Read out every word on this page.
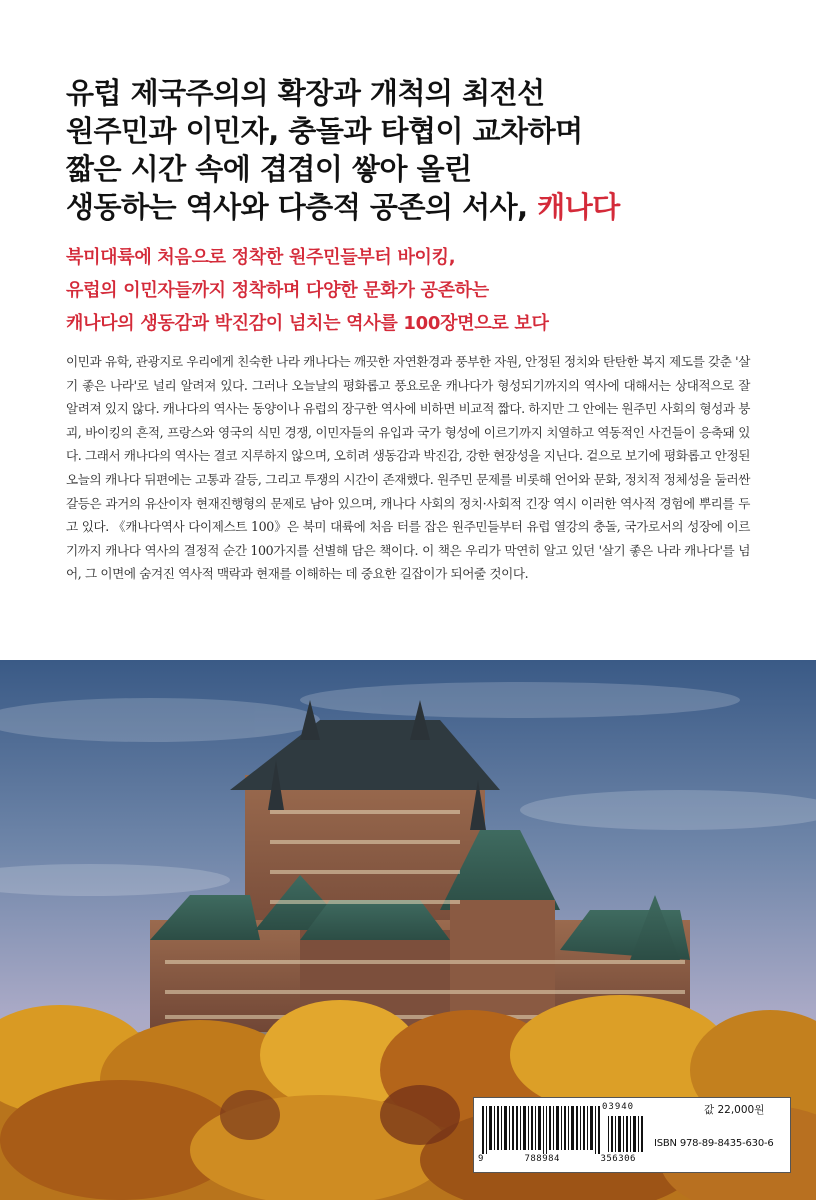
유럽 제국주의의 확장과 개척의 최전선
원주민과 이민자, 충돌과 타협이 교차하며
짧은 시간 속에 겹겹이 쌓아 올린
생동하는 역사와 다층적 공존의 서사, 캐나다
북미대륙에 처음으로 정착한 원주민들부터 바이킹,
유럽의 이민자들까지 정착하며 다양한 문화가 공존하는
캐나다의 생동감과 박진감이 넘치는 역사를 100장면으로 보다
이민과 유학, 관광지로 우리에게 친숙한 나라 캐나다는 깨끗한 자연환경과 풍부한 자원, 안정된 정치와 탄탄한 복지 제도를 갖춘 '살기 좋은 나라'로 널리 알려져 있다. 그러나 오늘날의 평화롭고 풍요로운 캐나다가 형성되기까지의 역사에 대해서는 상대적으로 잘 알려져 있지 않다. 캐나다의 역사는 동양이나 유럽의 장구한 역사에 비하면 비교적 짧다. 하지만 그 안에는 원주민 사회의 형성과 붕괴, 바이킹의 흔적, 프랑스와 영국의 식민 경쟁, 이민자들의 유입과 국가 형성에 이르기까지 치열하고 역동적인 사건들이 응축돼 있다. 그래서 캐나다의 역사는 결코 지루하지 않으며, 오히려 생동감과 박진감, 강한 현장성을 지닌다. 겉으로 보기에 평화롭고 안정된 오늘의 캐나다 뒤편에는 고통과 갈등, 그리고 투쟁의 시간이 존재했다. 원주민 문제를 비롯해 언어와 문화, 정치적 정체성을 둘러싼 갈등은 과거의 유산이자 현재진행형의 문제로 남아 있으며, 캐나다 사회의 정치·사회적 긴장 역시 이러한 역사적 경험에 뿌리를 두고 있다. 《캐나다역사 다이제스트 100》은 북미 대륙에 처음 터를 잡은 원주민들부터 유럽 열강의 충돌, 국가로서의 성장에 이르기까지 캐나다 역사의 결정적 순간 100가지를 선별해 담은 책이다. 이 책은 우리가 막연히 알고 있던 '살기 좋은 나라 캐나다'를 넘어, 그 이면에 숨겨진 역사적 맥락과 현재를 이해하는 데 중요한 길잡이가 되어줄 것이다.
03940
9	788984	356306
값 22,000원
ISBN 978-89-8435-630-6
